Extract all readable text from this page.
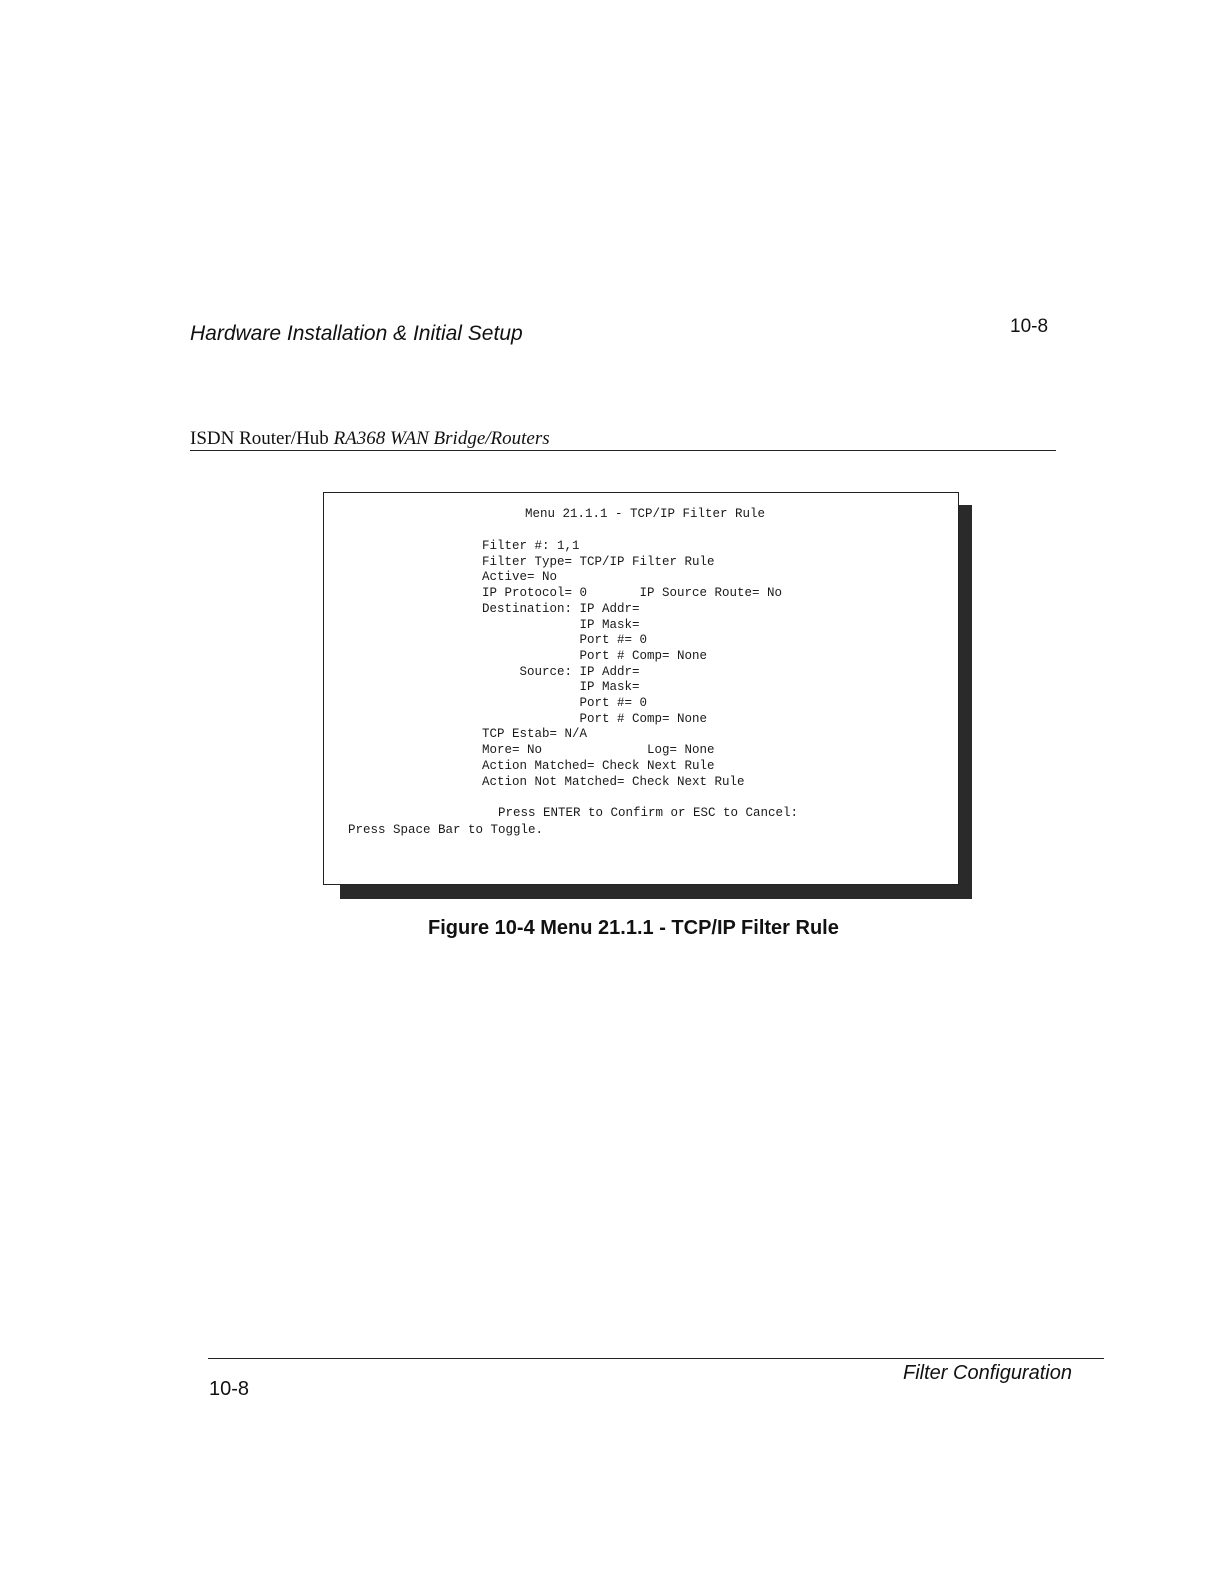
Hardware Installation & Initial Setup	10-8
ISDN Router/Hub RA368 WAN Bridge/Routers
Menu 21.1.1 - TCP/IP Filter Rule
Filter #: 1,1
Filter Type= TCP/IP Filter Rule
Active= No
IP Protocol= 0       IP Source Route= No
Destination: IP Addr=
IP Mask=
Port #= 0
Port # Comp= None
Source: IP Addr=
IP Mask=
Port #= 0
Port # Comp= None
TCP Estab= N/A
More= No              Log= None
Action Matched= Check Next Rule
Action Not Matched= Check Next Rule
Press ENTER to Confirm or ESC to Cancel:
Press Space Bar to Toggle.
Figure 10-4 Menu 21.1.1 - TCP/IP Filter Rule
10-8
Filter Configuration
